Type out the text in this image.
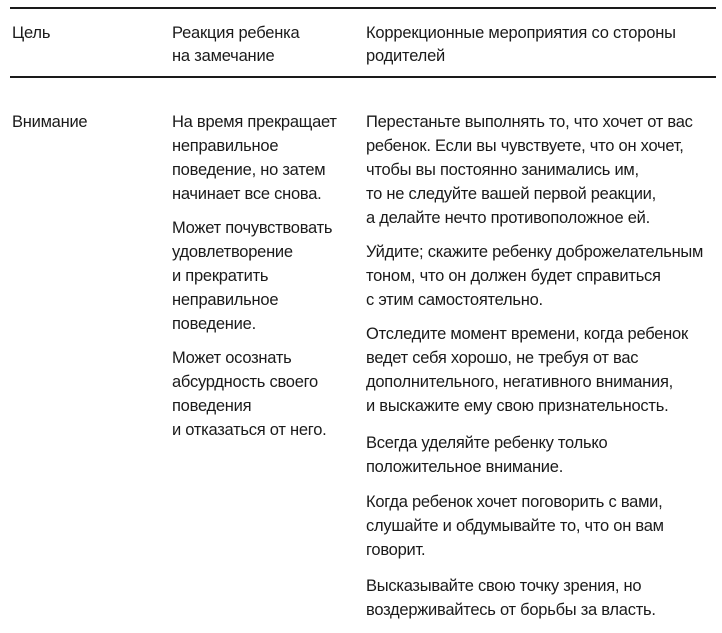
Цель	Реакция ребенка
на замечание
Коррекционные мероприятия со стороны
родителей
Внимание	На время прекращает
неправильное
поведение, но затем
начинает все снова.
Может почувствовать
удовлетворение
и прекратить
неправильное
поведение.
Может осознать
абсурдность своего
поведения
и отказаться от него.
Перестаньте выполнять то, что хочет от вас
ребенок. Если вы чувствуете, что он хочет,
чтобы вы постоянно занимались им,
то не следуйте вашей первой реакции,
а делайте нечто противоположное ей.
Уйдите; скажите ребенку доброжелательным
тоном, что он должен будет справиться
с этим самостоятельно.
Отследите момент времени, когда ребенок
ведет себя хорошо, не требуя от вас
дополнительного, негативного внимания,
и выскажите ему свою признательность.
Всегда уделяйте ребенку только
положительное внимание.
Когда ребенок хочет поговорить с вами,
слушайте и обдумывайте то, что он вам
говорит.
Высказывайте свою точку зрения, но
воздерживайтесь от борьбы за власть.
